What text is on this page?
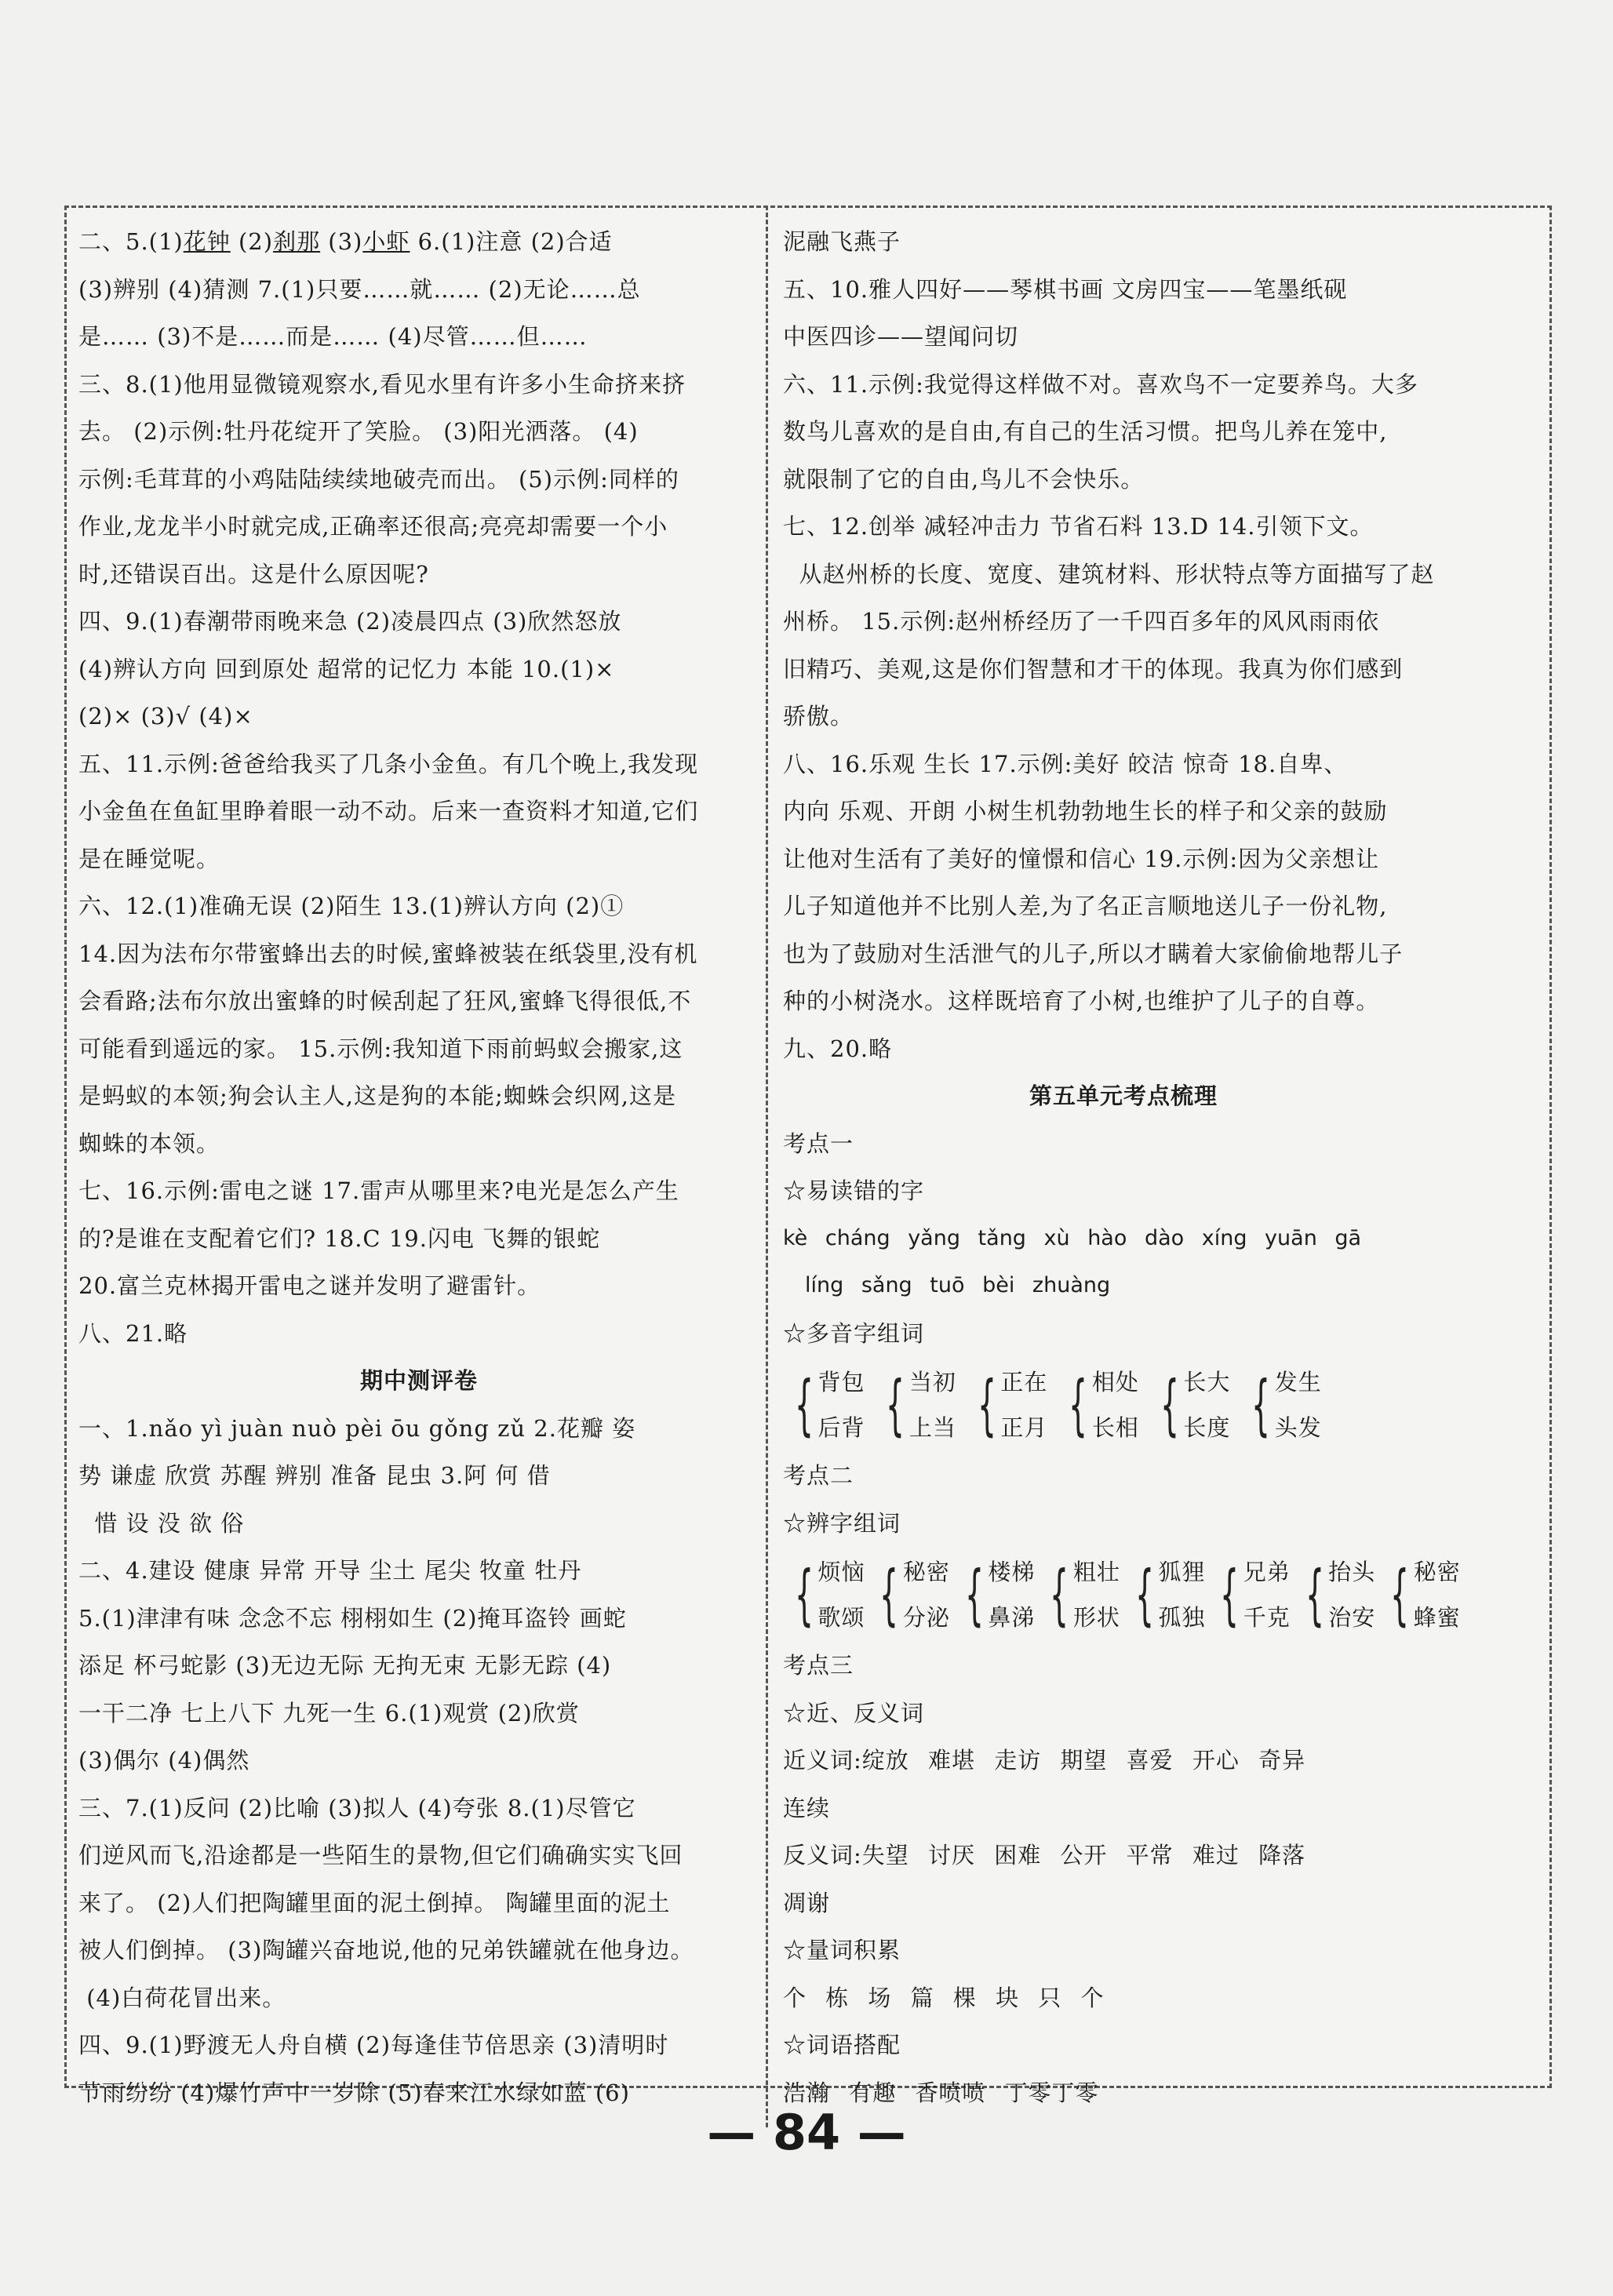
二、5.(1)花钟 (2)刹那 (3)小虾 6.(1)注意 (2)合适
(3)辨别 (4)猜测 7.(1)只要……就…… (2)无论……总
是…… (3)不是……而是…… (4)尽管……但……
三、8.(1)他用显微镜观察水,看见水里有许多小生命挤来挤
去。 (2)示例:牡丹花绽开了笑脸。 (3)阳光洒落。 (4)
示例:毛茸茸的小鸡陆陆续续地破壳而出。 (5)示例:同样的
作业,龙龙半小时就完成,正确率还很高;亮亮却需要一个小
时,还错误百出。这是什么原因呢?
四、9.(1)春潮带雨晚来急 (2)凌晨四点 (3)欣然怒放
(4)辨认方向 回到原处 超常的记忆力 本能 10.(1)×
(2)× (3)√ (4)×
五、11.示例:爸爸给我买了几条小金鱼。有几个晚上,我发现
小金鱼在鱼缸里睁着眼一动不动。后来一查资料才知道,它们
是在睡觉呢。
六、12.(1)准确无误 (2)陌生 13.(1)辨认方向 (2)①
14.因为法布尔带蜜蜂出去的时候,蜜蜂被装在纸袋里,没有机
会看路;法布尔放出蜜蜂的时候刮起了狂风,蜜蜂飞得很低,不
可能看到遥远的家。 15.示例:我知道下雨前蚂蚁会搬家,这
是蚂蚁的本领;狗会认主人,这是狗的本能;蜘蛛会织网,这是
蜘蛛的本领。
七、16.示例:雷电之谜 17.雷声从哪里来?电光是怎么产生
的?是谁在支配着它们? 18.C 19.闪电 飞舞的银蛇
20.富兰克林揭开雷电之谜并发明了避雷针。
八、21.略
期中测评卷
一、1.nǎo yì juàn nuò pèi ōu gǒng zǔ 2.花瓣 姿
势 谦虚 欣赏 苏醒 辨别 准备 昆虫 3.阿 何 借
惜 设 没 欲 俗
二、4.建设 健康 异常 开导 尘土 尾尖 牧童 牡丹
5.(1)津津有味 念念不忘 栩栩如生 (2)掩耳盗铃 画蛇
添足 杯弓蛇影 (3)无边无际 无拘无束 无影无踪 (4)
一干二净 七上八下 九死一生 6.(1)观赏 (2)欣赏
(3)偶尔 (4)偶然
三、7.(1)反问 (2)比喻 (3)拟人 (4)夸张 8.(1)尽管它
们逆风而飞,沿途都是一些陌生的景物,但它们确确实实飞回
来了。 (2)人们把陶罐里面的泥土倒掉。 陶罐里面的泥土
被人们倒掉。 (3)陶罐兴奋地说,他的兄弟铁罐就在他身边。
(4)白荷花冒出来。
四、9.(1)野渡无人舟自横 (2)每逢佳节倍思亲 (3)清明时
节雨纷纷 (4)爆竹声中一岁除 (5)春来江水绿如蓝 (6)
泥融飞燕子
五、10.雅人四好——琴棋书画 文房四宝——笔墨纸砚
中医四诊——望闻问切
六、11.示例:我觉得这样做不对。喜欢鸟不一定要养鸟。大多
数鸟儿喜欢的是自由,有自己的生活习惯。把鸟儿养在笼中,
就限制了它的自由,鸟儿不会快乐。
七、12.创举 减轻冲击力 节省石料 13.D 14.引领下文。
从赵州桥的长度、宽度、建筑材料、形状特点等方面描写了赵
州桥。 15.示例:赵州桥经历了一千四百多年的风风雨雨依
旧精巧、美观,这是你们智慧和才干的体现。我真为你们感到
骄傲。
八、16.乐观 生长 17.示例:美好 皎洁 惊奇 18.自卑、
内向 乐观、开朗 小树生机勃勃地生长的样子和父亲的鼓励
让他对生活有了美好的憧憬和信心 19.示例:因为父亲想让
儿子知道他并不比别人差,为了名正言顺地送儿子一份礼物,
也为了鼓励对生活泄气的儿子,所以才瞒着大家偷偷地帮儿子
种的小树浇水。这样既培育了小树,也维护了儿子的自尊。
九、20.略
第五单元考点梳理
考点一
☆易读错的字
kè cháng yǎng tǎng xù hào dào xíng yuān gā
líng sǎng tuō bèi zhuàng
☆多音字组词
{ 背包
后背 { 当初
上当 { 正在
正月 { 相处
长相 { 长大
长度 { 发生
头发
考点二
☆辨字组词
{ 烦恼
歌颂 { 秘密
分泌 { 楼梯
鼻涕 { 粗壮
形状 { 狐狸
孤独 { 兄弟
千克 { 抬头
治安 { 秘密
蜂蜜
考点三
☆近、反义词
近义词:绽放 难堪 走访 期望 喜爱 开心 奇异
连续
反义词:失望 讨厌 困难 公开 平常 难过 降落
凋谢
☆量词积累
个 栋 场 篇 棵 块 只 个
☆词语搭配
浩瀚 有趣 香喷喷 丁零丁零
— 84 —
